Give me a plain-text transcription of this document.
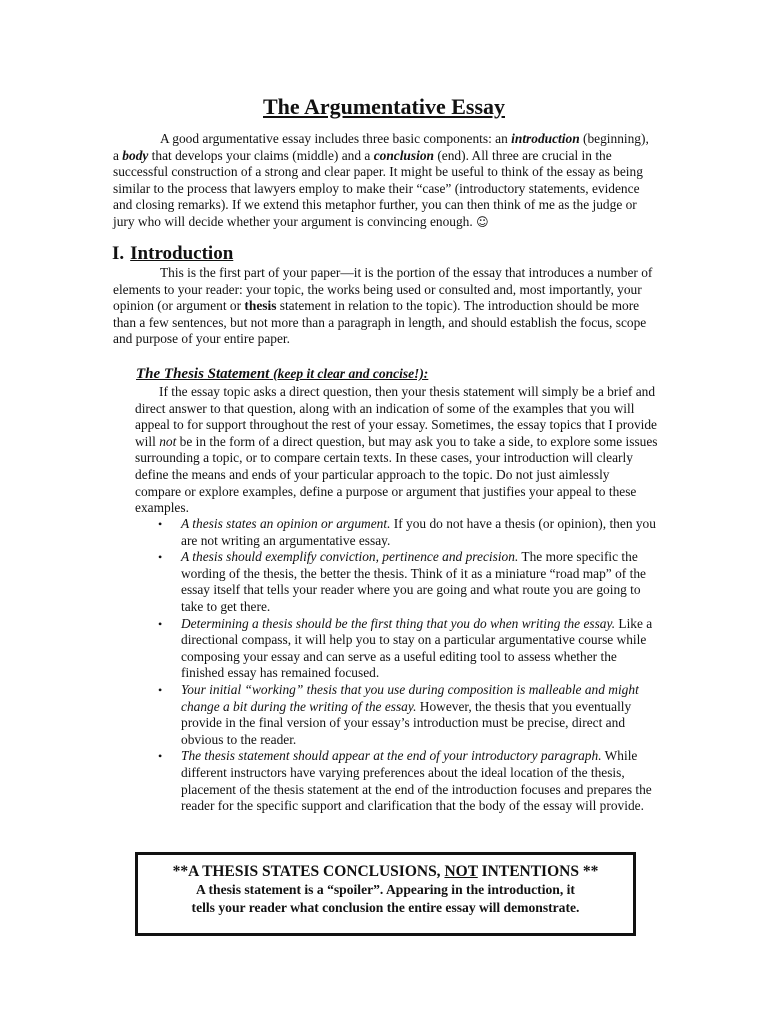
The Argumentative Essay

A good argumentative essay includes three basic components: an introduction (beginning), a body that develops your claims (middle) and a conclusion (end). All three are crucial in the successful construction of a strong and clear paper. It might be useful to think of the essay as being similar to the process that lawyers employ to make their “case” (introductory statements, evidence and closing remarks). If we extend this metaphor further, you can then think of me as the judge or jury who will decide whether your argument is convincing enough. ☺

I. Introduction

This is the first part of your paper—it is the portion of the essay that introduces a number of elements to your reader: your topic, the works being used or consulted and, most importantly, your opinion (or argument or thesis statement in relation to the topic). The introduction should be more than a few sentences, but not more than a paragraph in length, and should establish the focus, scope and purpose of your entire paper.

The Thesis Statement (keep it clear and concise!):

If the essay topic asks a direct question, then your thesis statement will simply be a brief and direct answer to that question, along with an indication of some of the examples that you will appeal to for support throughout the rest of your essay. Sometimes, the essay topics that I provide will not be in the form of a direct question, but may ask you to take a side, to explore some issues surrounding a topic, or to compare certain texts. In these cases, your introduction will clearly define the means and ends of your particular approach to the topic. Do not just aimlessly compare or explore examples, define a purpose or argument that justifies your appeal to these examples.

• A thesis states an opinion or argument. If you do not have a thesis (or opinion), then you are not writing an argumentative essay.
• A thesis should exemplify conviction, pertinence and precision. The more specific the wording of the thesis, the better the thesis. Think of it as a miniature “road map” of the essay itself that tells your reader where you are going and what route you are going to take to get there.
• Determining a thesis should be the first thing that you do when writing the essay. Like a directional compass, it will help you to stay on a particular argumentative course while composing your essay and can serve as a useful editing tool to assess whether the finished essay has remained focused.
• Your initial “working” thesis that you use during composition is malleable and might change a bit during the writing of the essay. However, the thesis that you eventually provide in the final version of your essay’s introduction must be precise, direct and obvious to the reader.
• The thesis statement should appear at the end of your introductory paragraph. While different instructors have varying preferences about the ideal location of the thesis, placement of the thesis statement at the end of the introduction focuses and prepares the reader for the specific support and clarification that the body of the essay will provide.
**A THESIS STATES CONCLUSIONS, NOT INTENTIONS **
A thesis statement is a “spoiler”. Appearing in the introduction, it
tells your reader what conclusion the entire essay will demonstrate.
